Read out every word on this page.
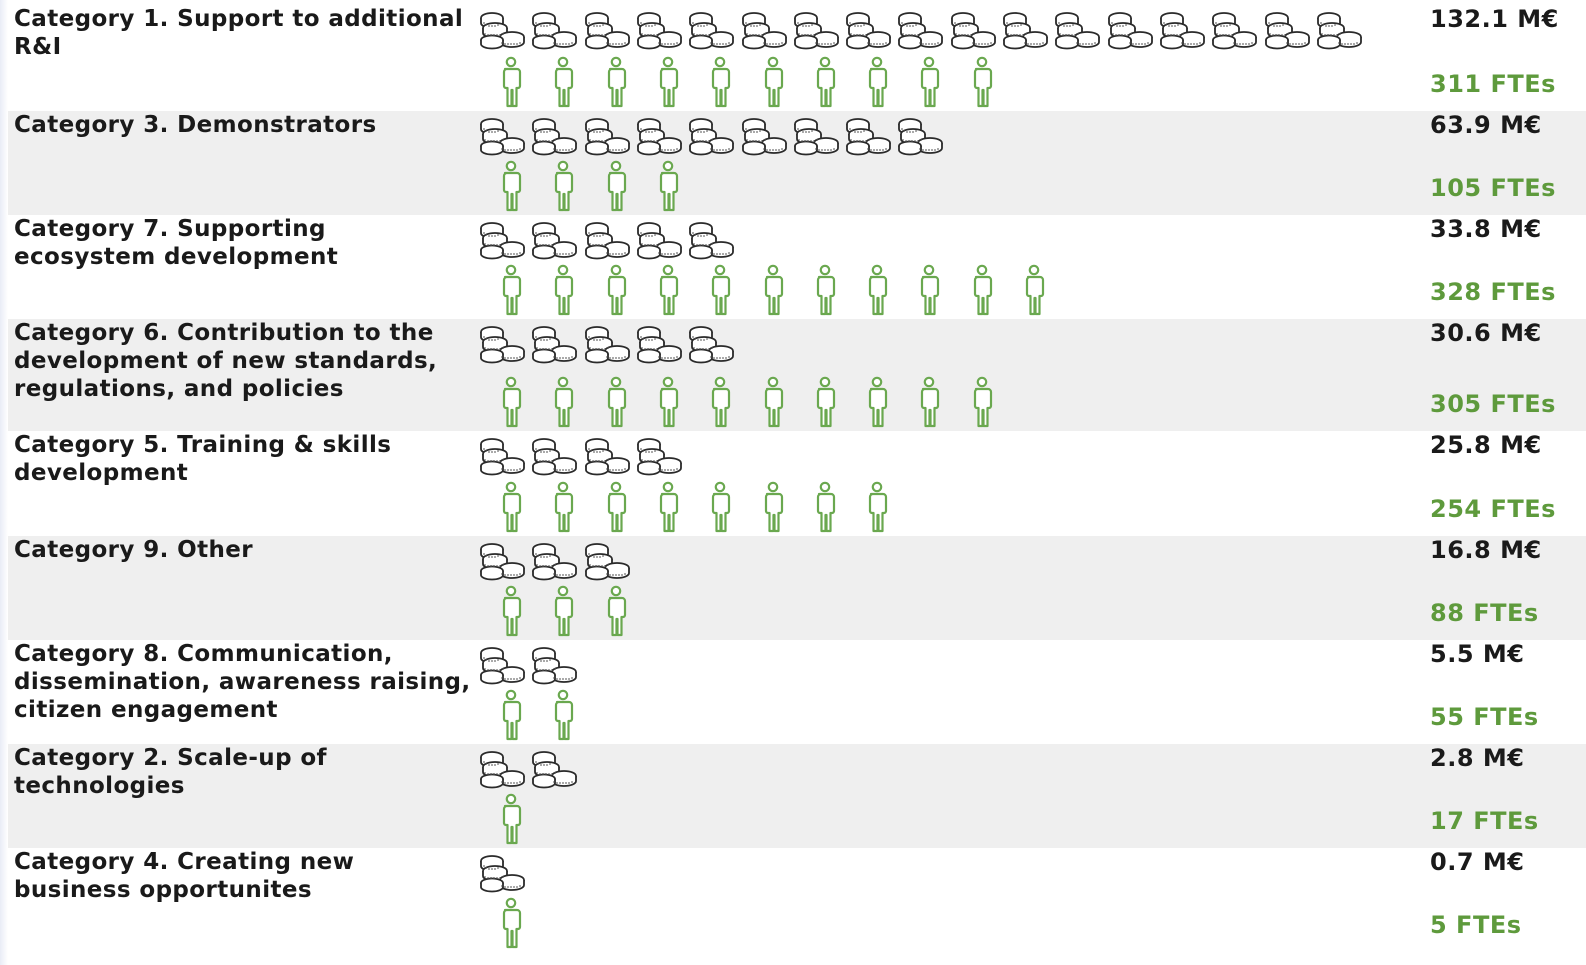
Category 1. Support to additional R&I
132.1 M€
311 FTEs
Category 3. Demonstrators	63.9 M€
105 FTEs
Category 7. Supporting ecosystem development
33.8 M€
328 FTEs
Category 6. Contribution to the development of new standards, regulations, and policies
30.6 M€
305 FTEs
Category 5. Training & skills development
25.8 M€
254 FTEs
Category 9. Other	16.8 M€
88 FTEs
Category 8. Communication, dissemination, awareness raising, citizen engagement
5.5 M€
55 FTEs
Category 2. Scale-up of technologies
2.8 M€
17 FTEs
Category 4. Creating new business opportunites
0.7 M€
5 FTEs
